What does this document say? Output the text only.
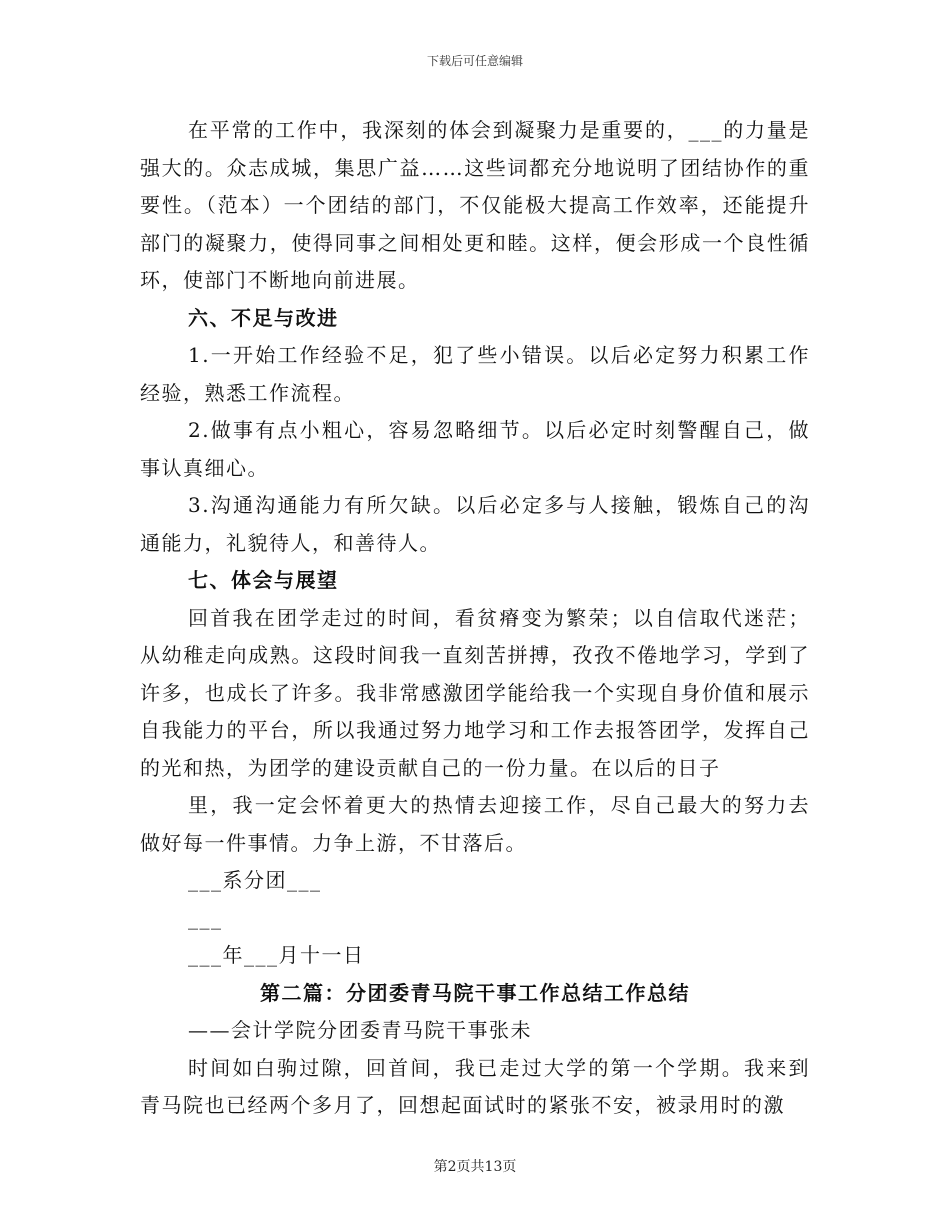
下载后可任意编辑

在平常的工作中，我深刻的体会到凝聚力是重要的，___的力量是强大的。众志成城，集思广益……这些词都充分地说明了团结协作的重要性。（范本）一个团结的部门，不仅能极大提高工作效率，还能提升部门的凝聚力，使得同事之间相处更和睦。这样，便会形成一个良性循环，使部门不断地向前进展。

六、不足与改进

1.一开始工作经验不足，犯了些小错误。以后必定努力积累工作经验，熟悉工作流程。

2.做事有点小粗心，容易忽略细节。以后必定时刻警醒自己，做事认真细心。

3.沟通沟通能力有所欠缺。以后必定多与人接触，锻炼自己的沟通能力，礼貌待人，和善待人。

七、体会与展望

回首我在团学走过的时间，看贫瘠变为繁荣；以自信取代迷茫；从幼稚走向成熟。这段时间我一直刻苦拼搏，孜孜不倦地学习，学到了许多，也成长了许多。我非常感激团学能给我一个实现自身价值和展示自我能力的平台，所以我通过努力地学习和工作去报答团学，发挥自己的光和热，为团学的建设贡献自己的一份力量。在以后的日子

里，我一定会怀着更大的热情去迎接工作，尽自己最大的努力去做好每一件事情。力争上游，不甘落后。

___系分团___

___

___年___月十一日

第二篇：分团委青马院干事工作总结工作总结

——会计学院分团委青马院干事张未

时间如白驹过隙，回首间，我已走过大学的第一个学期。我来到青马院也已经两个多月了，回想起面试时的紧张不安，被录用时的激

第2页共13页
